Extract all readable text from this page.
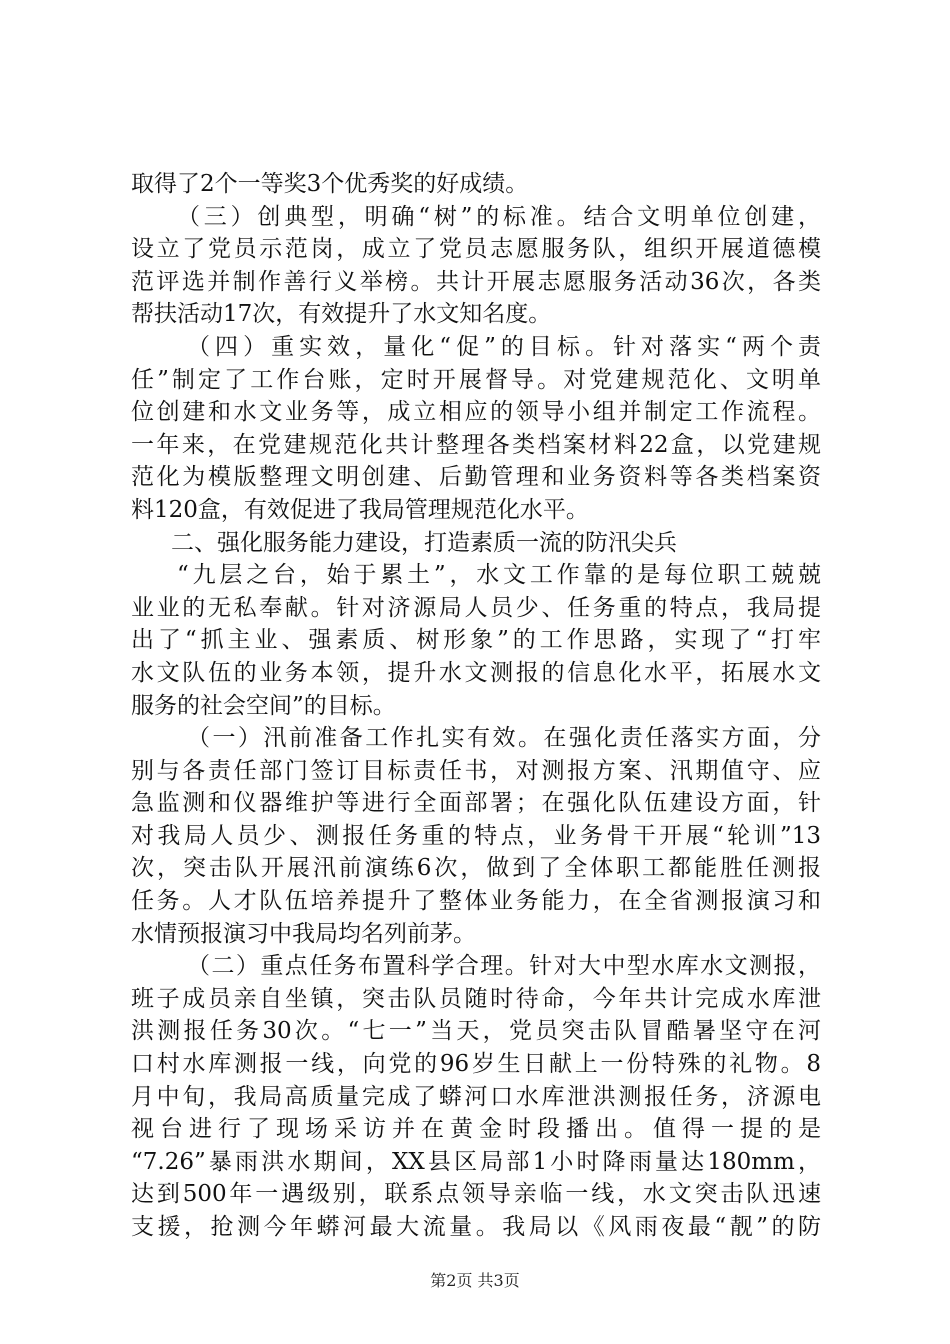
取得了2个一等奖3个优秀奖的好成绩。
（三）创典型，明确“树”的标准。结合文明单位创建，
设立了党员示范岗，成立了党员志愿服务队，组织开展道德模
范评选并制作善行义举榜。共计开展志愿服务活动36次，各类
帮扶活动17次，有效提升了水文知名度。
（四）重实效，量化“促”的目标。针对落实“两个责
任”制定了工作台账，定时开展督导。对党建规范化、文明单
位创建和水文业务等，成立相应的领导小组并制定工作流程。
一年来，在党建规范化共计整理各类档案材料22盒，以党建规
范化为模版整理文明创建、后勤管理和业务资料等各类档案资
料120盒，有效促进了我局管理规范化水平。
二、强化服务能力建设，打造素质一流的防汛尖兵
“九层之台，始于累土”，水文工作靠的是每位职工兢兢
业业的无私奉献。针对济源局人员少、任务重的特点，我局提
出了“抓主业、强素质、树形象”的工作思路，实现了“打牢
水文队伍的业务本领，提升水文测报的信息化水平，拓展水文
服务的社会空间”的目标。
（一）汛前准备工作扎实有效。在强化责任落实方面，分
别与各责任部门签订目标责任书，对测报方案、汛期值守、应
急监测和仪器维护等进行全面部署；在强化队伍建设方面，针
对我局人员少、测报任务重的特点，业务骨干开展“轮训”13
次，突击队开展汛前演练6次，做到了全体职工都能胜任测报
任务。人才队伍培养提升了整体业务能力，在全省测报演习和
水情预报演习中我局均名列前茅。
（二）重点任务布置科学合理。针对大中型水库水文测报，
班子成员亲自坐镇，突击队员随时待命，今年共计完成水库泄
洪测报任务30次。“七一”当天，党员突击队冒酷暑坚守在河
口村水库测报一线，向党的96岁生日献上一份特殊的礼物。8
月中旬，我局高质量完成了蟒河口水库泄洪测报任务，济源电
视台进行了现场采访并在黄金时段播出。值得一提的是
“7.26”暴雨洪水期间，XX县区局部1小时降雨量达180mm，
达到500年一遇级别，联系点领导亲临一线，水文突击队迅速
支援，抢测今年蟒河最大流量。我局以《风雨夜最“靓”的防
第2页 共3页
